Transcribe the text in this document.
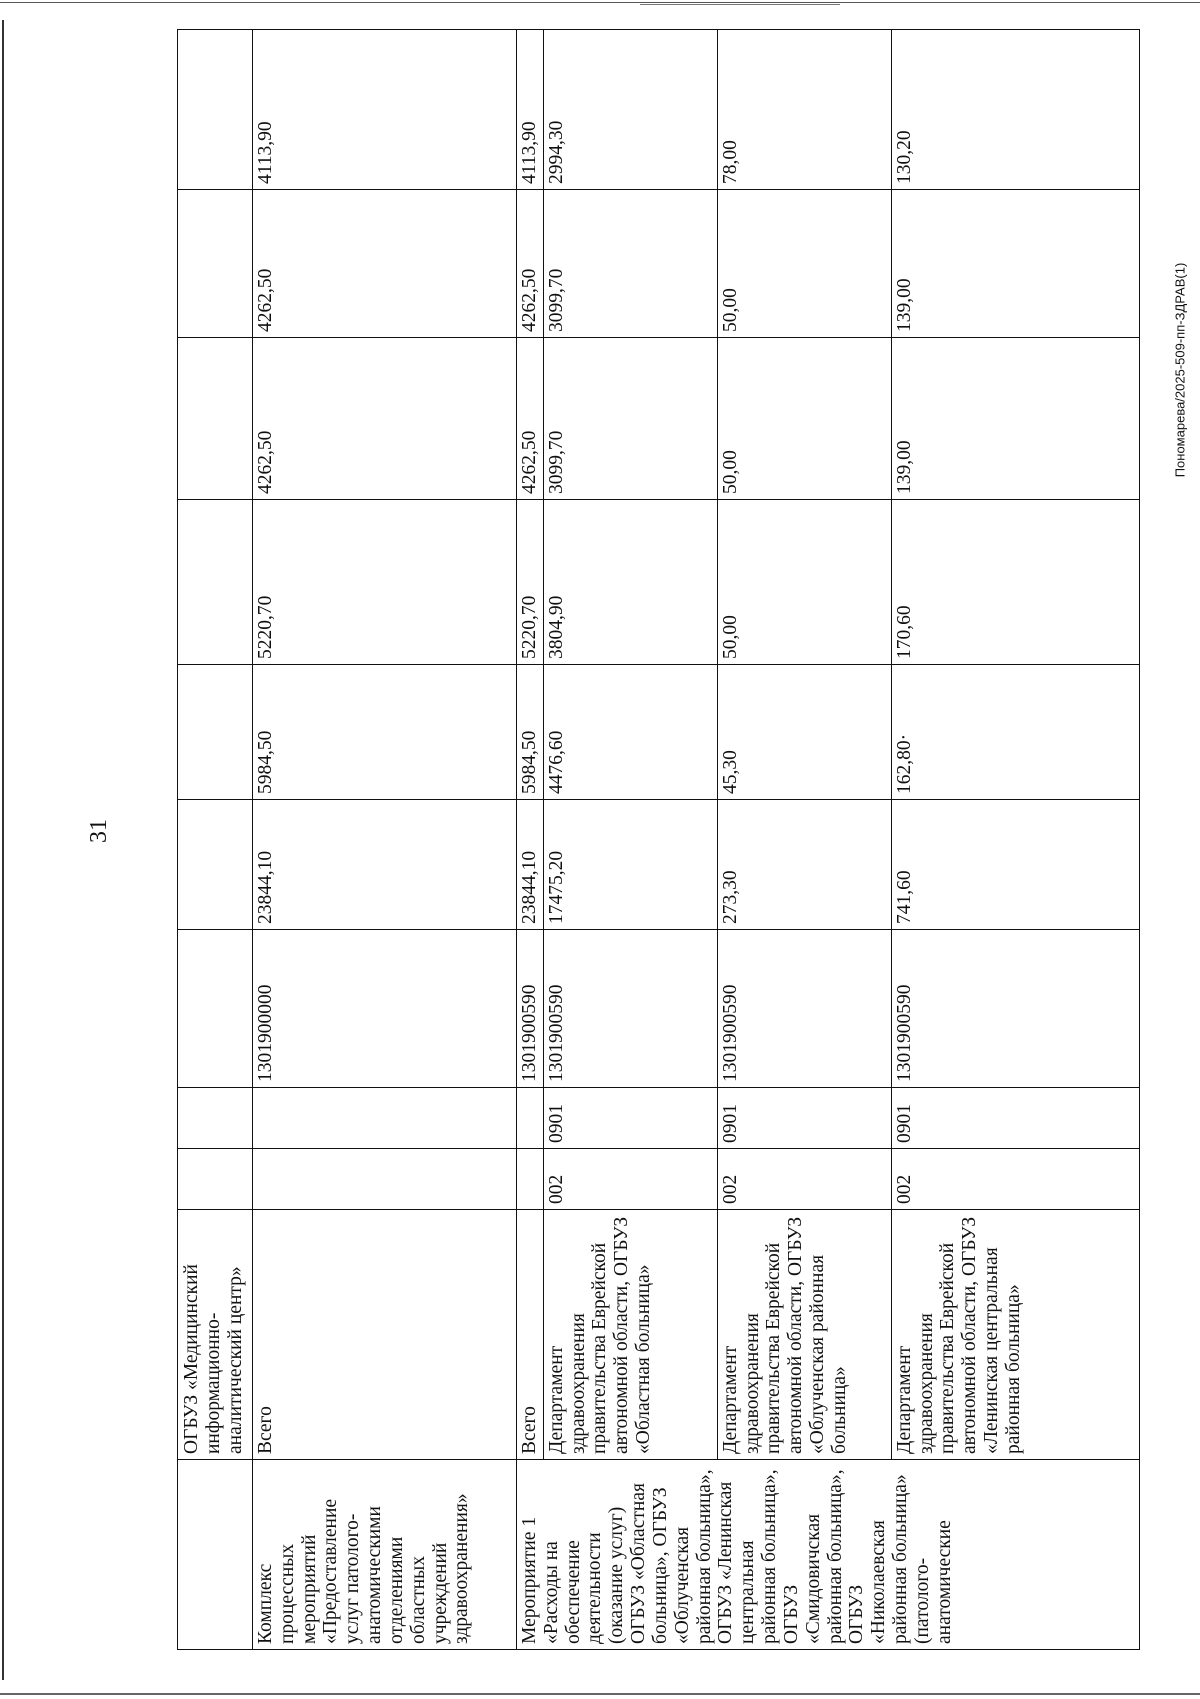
31
Пономарева/2025-509-пп-ЗДРАВ(1)
	ОГБУЗ «Медицинский информационно-аналитический центр»									
Комплекс процессных мероприятий «Предоставление услуг патолого-анатомическими отделениями областных учреждений здравоохранения»	Всего			1301900000	23844,10	5984,50	5220,70	4262,50	4262,50	4113,90
Мероприятие 1 «Расходы на обеспечение деятельности (оказание услуг) ОГБУЗ «Областная больница», ОГБУЗ «Облученская районная больница», ОГБУЗ «Ленинская центральная районная больница», ОГБУЗ «Смидовичская районная больница», ОГБУЗ «Николаевская районная больница» (патолого-анатомические	Всего			1301900590	23844,10	5984,50	5220,70	4262,50	4262,50	4113,90
	Департамент здравоохранения правительства Еврейской автономной области, ОГБУЗ «Областная больница»	002	0901	1301900590	17475,20	4476,60	3804,90	3099,70	3099,70	2994,30
	Департамент здравоохранения правительства Еврейской автономной области, ОГБУЗ «Облученская районная больница»	002	0901	1301900590	273,30	45,30	50,00	50,00	50,00	78,00
	Департамент здравоохранения правительства Еврейской автономной области, ОГБУЗ «Ленинская центральная районная больница»	002	0901	1301900590	741,60	162,80·	170,60	139,00	139,00	130,20
